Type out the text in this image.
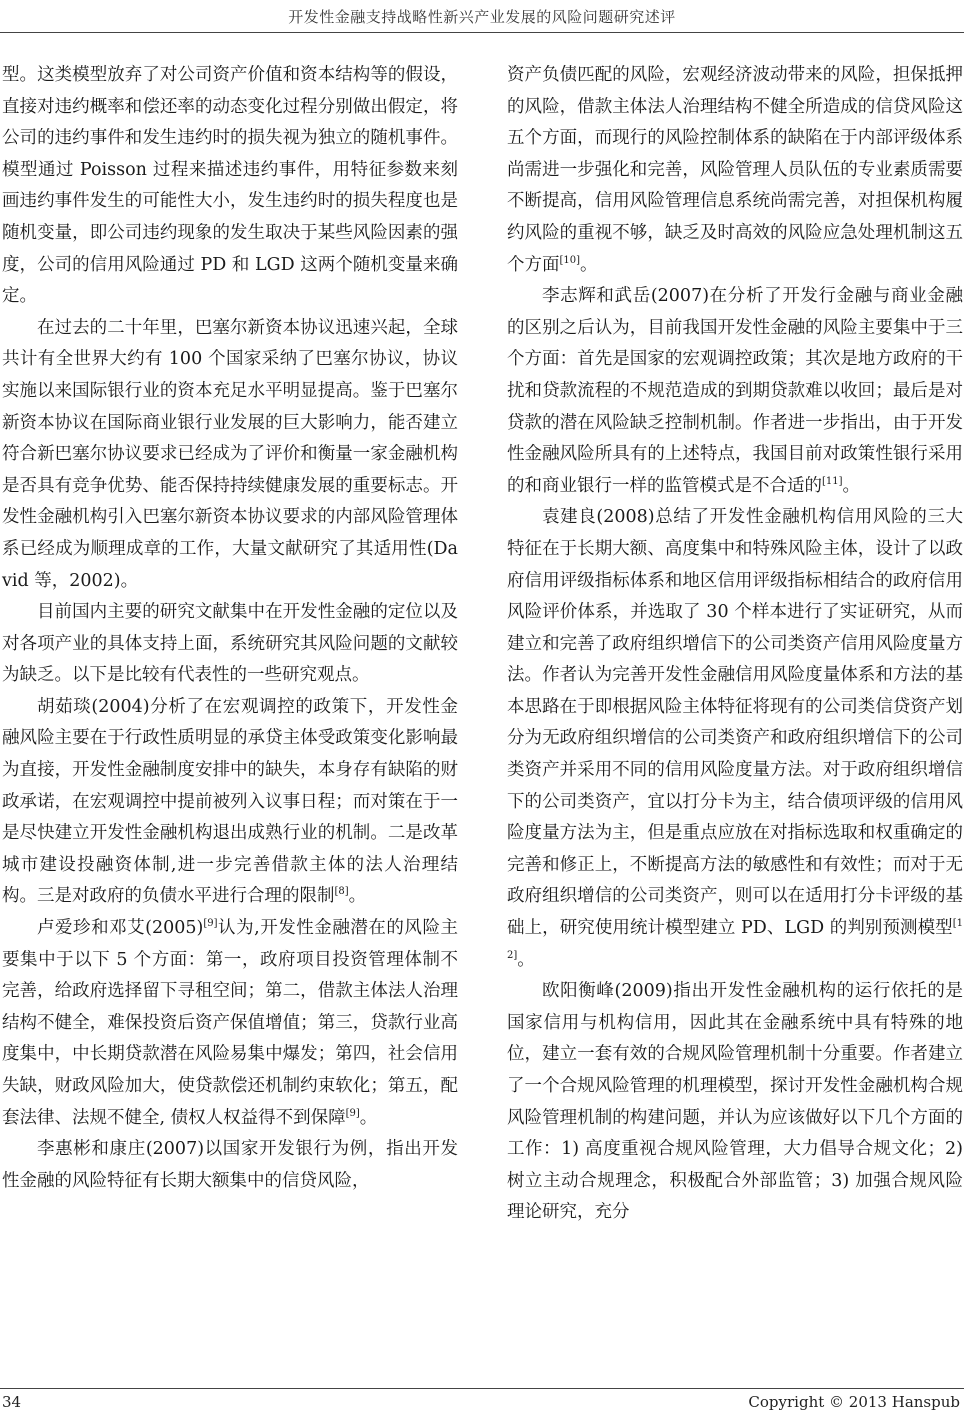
开发性金融支持战略性新兴产业发展的风险问题研究述评

型。这类模型放弃了对公司资产价值和资本结构等的假设，直接对违约概率和偿还率的动态变化过程分别做出假定，将公司的违约事件和发生违约时的损失视为独立的随机事件。模型通过 Poisson 过程来描述违约事件，用特征参数来刻画违约事件发生的可能性大小，发生违约时的损失程度也是随机变量，即公司违约现象的发生取决于某些风险因素的强度，公司的信用风险通过 PD 和 LGD 这两个随机变量来确定。

在过去的二十年里，巴塞尔新资本协议迅速兴起，全球共计有全世界大约有 100 个国家采纳了巴塞尔协议，协议实施以来国际银行业的资本充足水平明显提高。鉴于巴塞尔新资本协议在国际商业银行业发展的巨大影响力，能否建立符合新巴塞尔协议要求已经成为了评价和衡量一家金融机构是否具有竞争优势、能否保持持续健康发展的重要标志。开发性金融机构引入巴塞尔新资本协议要求的内部风险管理体系已经成为顺理成章的工作，大量文献研究了其适用性(David 等，2002)。

目前国内主要的研究文献集中在开发性金融的定位以及对各项产业的具体支持上面，系统研究其风险问题的文献较为缺乏。以下是比较有代表性的一些研究观点。

胡茹琰(2004)分析了在宏观调控的政策下，开发性金融风险主要在于行政性质明显的承贷主体受政策变化影响最为直接，开发性金融制度安排中的缺失，本身存有缺陷的财政承诺，在宏观调控中提前被列入议事日程；而对策在于一是尽快建立开发性金融机构退出成熟行业的机制。二是改革城市建设投融资体制,进一步完善借款主体的法人治理结构。三是对政府的负债水平进行合理的限制[8]。

卢爱珍和邓艾(2005)[9]认为,开发性金融潜在的风险主要集中于以下 5 个方面：第一，政府项目投资管理体制不完善，给政府选择留下寻租空间；第二，借款主体法人治理结构不健全，难保投资后资产保值增值；第三，贷款行业高度集中，中长期贷款潜在风险易集中爆发；第四，社会信用失缺，财政风险加大，使贷款偿还机制约束软化；第五，配套法律、法规不健全, 债权人权益得不到保障[9]。

李惠彬和康庄(2007)以国家开发银行为例，指出开发性金融的风险特征有长期大额集中的信贷风险，

资产负债匹配的风险，宏观经济波动带来的风险，担保抵押的风险，借款主体法人治理结构不健全所造成的信贷风险这五个方面，而现行的风险控制体系的缺陷在于内部评级体系尚需进一步强化和完善，风险管理人员队伍的专业素质需要不断提高，信用风险管理信息系统尚需完善，对担保机构履约风险的重视不够，缺乏及时高效的风险应急处理机制这五个方面[10]。

李志辉和武岳(2007)在分析了开发行金融与商业金融的区别之后认为，目前我国开发性金融的风险主要集中于三个方面：首先是国家的宏观调控政策；其次是地方政府的干扰和贷款流程的不规范造成的到期贷款难以收回；最后是对贷款的潜在风险缺乏控制机制。作者进一步指出，由于开发性金融风险所具有的上述特点，我国目前对政策性银行采用的和商业银行一样的监管模式是不合适的[11]。

袁建良(2008)总结了开发性金融机构信用风险的三大特征在于长期大额、高度集中和特殊风险主体，设计了以政府信用评级指标体系和地区信用评级指标相结合的政府信用风险评价体系，并选取了 30 个样本进行了实证研究，从而建立和完善了政府组织增信下的公司类资产信用风险度量方法。作者认为完善开发性金融信用风险度量体系和方法的基本思路在于即根据风险主体特征将现有的公司类信贷资产划分为无政府组织增信的公司类资产和政府组织增信下的公司类资产并采用不同的信用风险度量方法。对于政府组织增信下的公司类资产，宜以打分卡为主，结合债项评级的信用风险度量方法为主，但是重点应放在对指标选取和权重确定的完善和修正上，不断提高方法的敏感性和有效性；而对于无政府组织增信的公司类资产，则可以在适用打分卡评级的基础上，研究使用统计模型建立 PD、LGD 的判别预测模型[12]。

欧阳衡峰(2009)指出开发性金融机构的运行依托的是国家信用与机构信用，因此其在金融系统中具有特殊的地位，建立一套有效的合规风险管理机制十分重要。作者建立了一个合规风险管理的机理模型，探讨开发性金融机构合规风险管理机制的构建问题，并认为应该做好以下几个方面的工作：1) 高度重视合规风险管理，大力倡导合规文化；2) 树立主动合规理念，积极配合外部监管；3) 加强合规风险理论研究，充分

34	Copyright © 2013 Hanspub
